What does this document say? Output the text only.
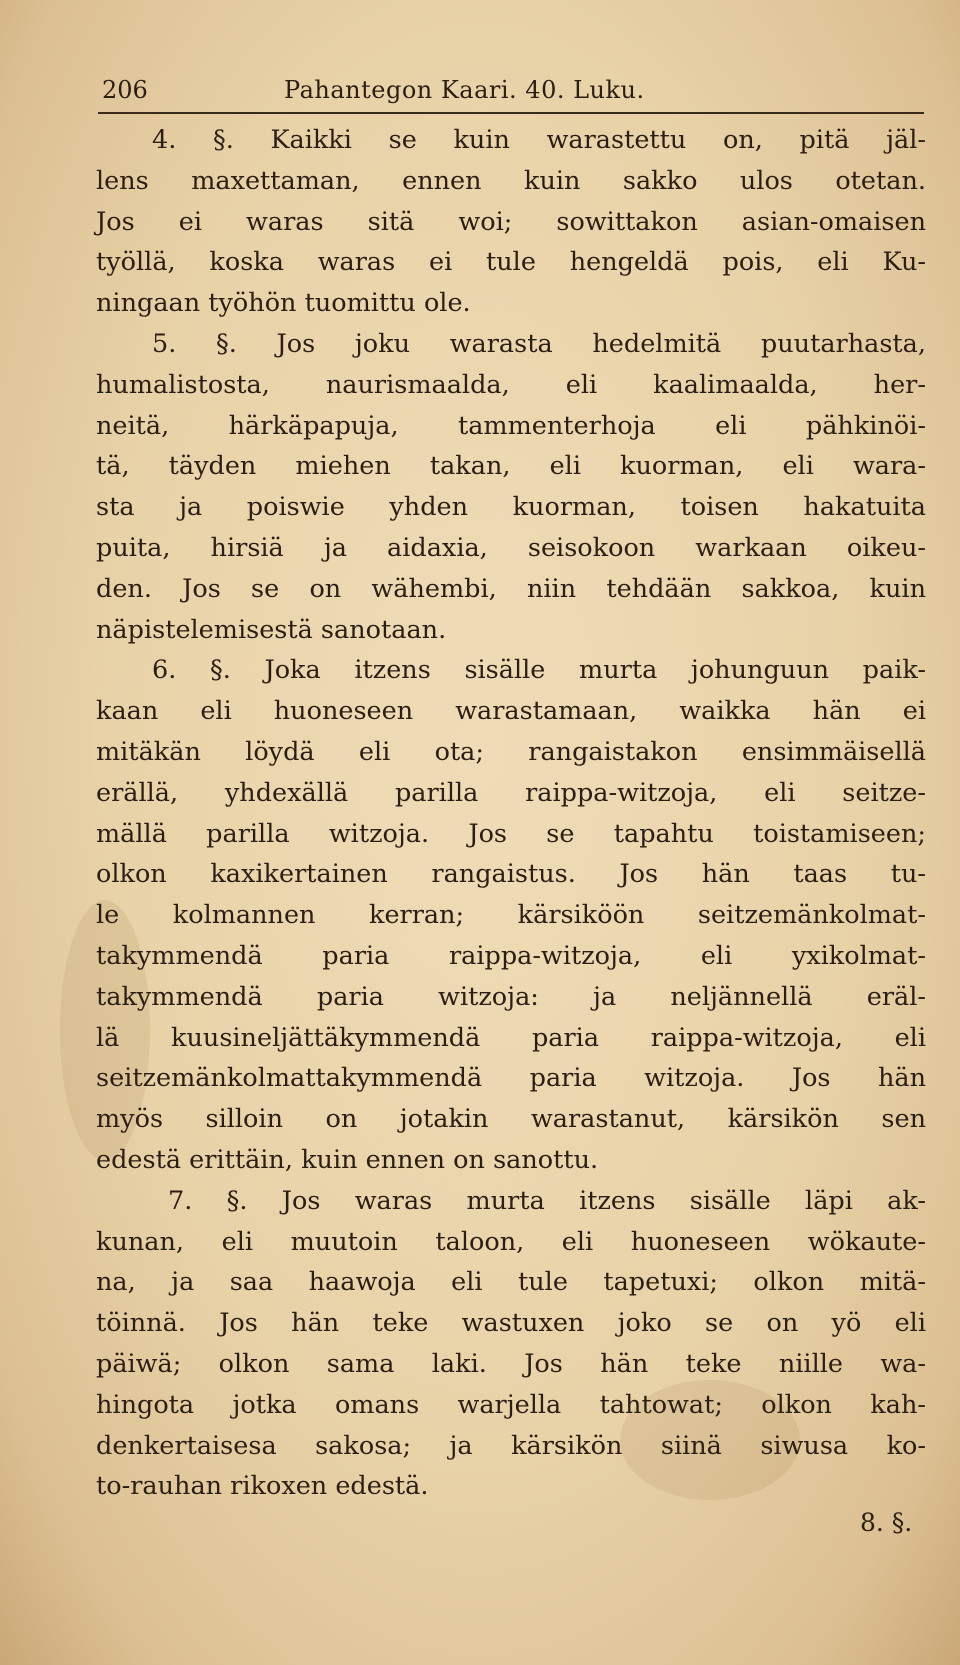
206	Pahantegon Kaari. 40. Luku.
4. §. Kaikki se kuin warastettu on, pitä jäl-
lens maxettaman, ennen kuin sakko ulos otetan.
Jos ei waras sitä woi; sowittakon asian-omaisen
työllä, koska waras ei tule hengeldä pois, eli Ku-
ningaan työhön tuomittu ole.
5. §. Jos joku warasta hedelmitä puutarhasta,
humalistosta, naurismaalda, eli kaalimaalda, her-
neitä, härkäpapuja, tammenterhoja eli pähkinöi-
tä, täyden miehen takan, eli kuorman, eli wara-
sta ja poiswie yhden kuorman, toisen hakatuita
puita, hirsiä ja aidaxia, seisokoon warkaan oikeu-
den. Jos se on wähembi, niin tehdään sakkoa, kuin
näpistelemisestä sanotaan.
6. §. Joka itzens sisälle murta johunguun paik-
kaan eli huoneseen warastamaan, waikka hän ei
mitäkän löydä eli ota; rangaistakon ensimmäisellä
erällä, yhdexällä parilla raippa-witzoja, eli seitze-
mällä parilla witzoja. Jos se tapahtu toistamiseen;
olkon kaxikertainen rangaistus. Jos hän taas tu-
le kolmannen kerran; kärsiköön seitzemänkolmat-
takymmendä paria raippa-witzoja, eli yxikolmat-
takymmendä paria witzoja: ja neljännellä eräl-
lä kuusineljättäkymmendä paria raippa-witzoja, eli
seitzemänkolmattakymmendä paria witzoja. Jos hän
myös silloin on jotakin warastanut, kärsikön sen
edestä erittäin, kuin ennen on sanottu.
7. §. Jos waras murta itzens sisälle läpi ak-
kunan, eli muutoin taloon, eli huoneseen wökaute-
na, ja saa haawoja eli tule tapetuxi; olkon mitä-
töinnä. Jos hän teke wastuxen joko se on yö eli
päiwä; olkon sama laki. Jos hän teke niille wa-
hingota jotka omans warjella tahtowat; olkon kah-
denkertaisesa sakosa; ja kärsikön siinä siwusa ko-
to-rauhan rikoxen edestä.
8. §.
